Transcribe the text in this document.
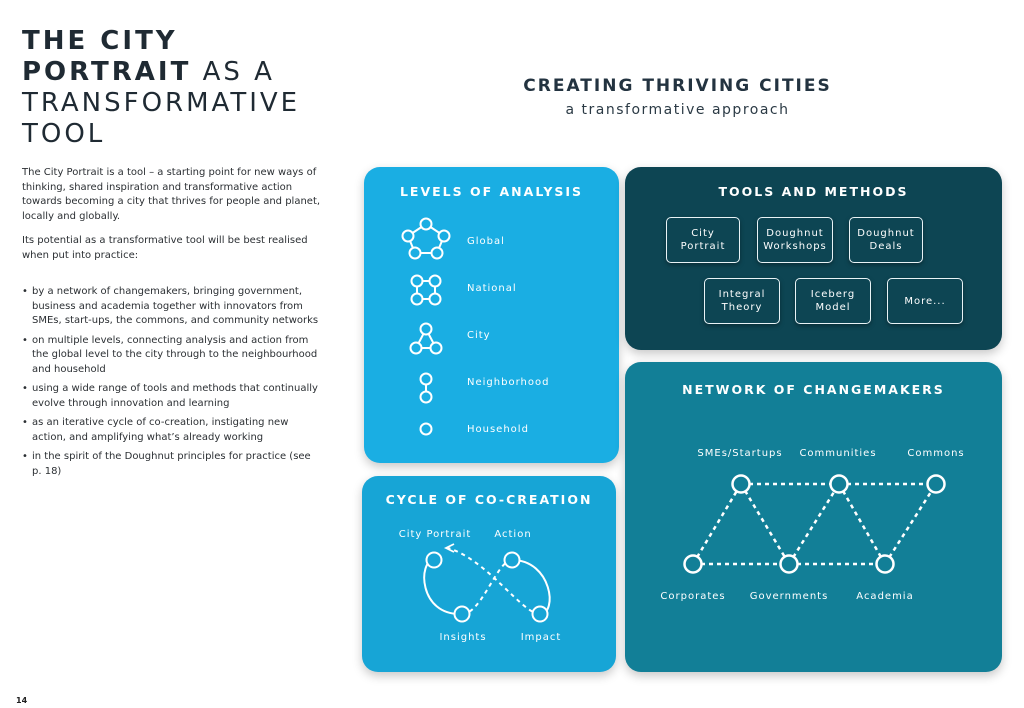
THE CITY
PORTRAIT AS A
TRANSFORMATIVE
TOOL

The City Portrait is a tool – a starting point for new ways of thinking, shared inspiration and transformative action towards becoming a city that thrives for people and planet, locally and globally.

Its potential as a transformative tool will be best realised when put into practice:

• by a network of changemakers, bringing government, business and academia together with innovators from SMEs, start-ups, the commons, and community networks
• on multiple levels, connecting analysis and action from the global level to the city through to the neighbourhood and household
• using a wide range of tools and methods that continually evolve through innovation and learning
• as an iterative cycle of co-creation, instigating new action, and amplifying what’s already working
• in the spirit of the Doughnut principles for practice (see p. 18)
14
CREATING THRIVING CITIES
a transformative approach
LEVELS OF ANALYSIS
Global
National
City
Neighborhood
Household
TOOLS AND METHODS
City Portrait
Doughnut Workshops
Doughnut Deals
Integral Theory
Iceberg Model
More...
NETWORK OF CHANGEMAKERS
SMEs/Startups Communities	Commons
Corporates Governments	Academia
CYCLE OF CO-CREATION
City Portrait Action
Insights	Impact
